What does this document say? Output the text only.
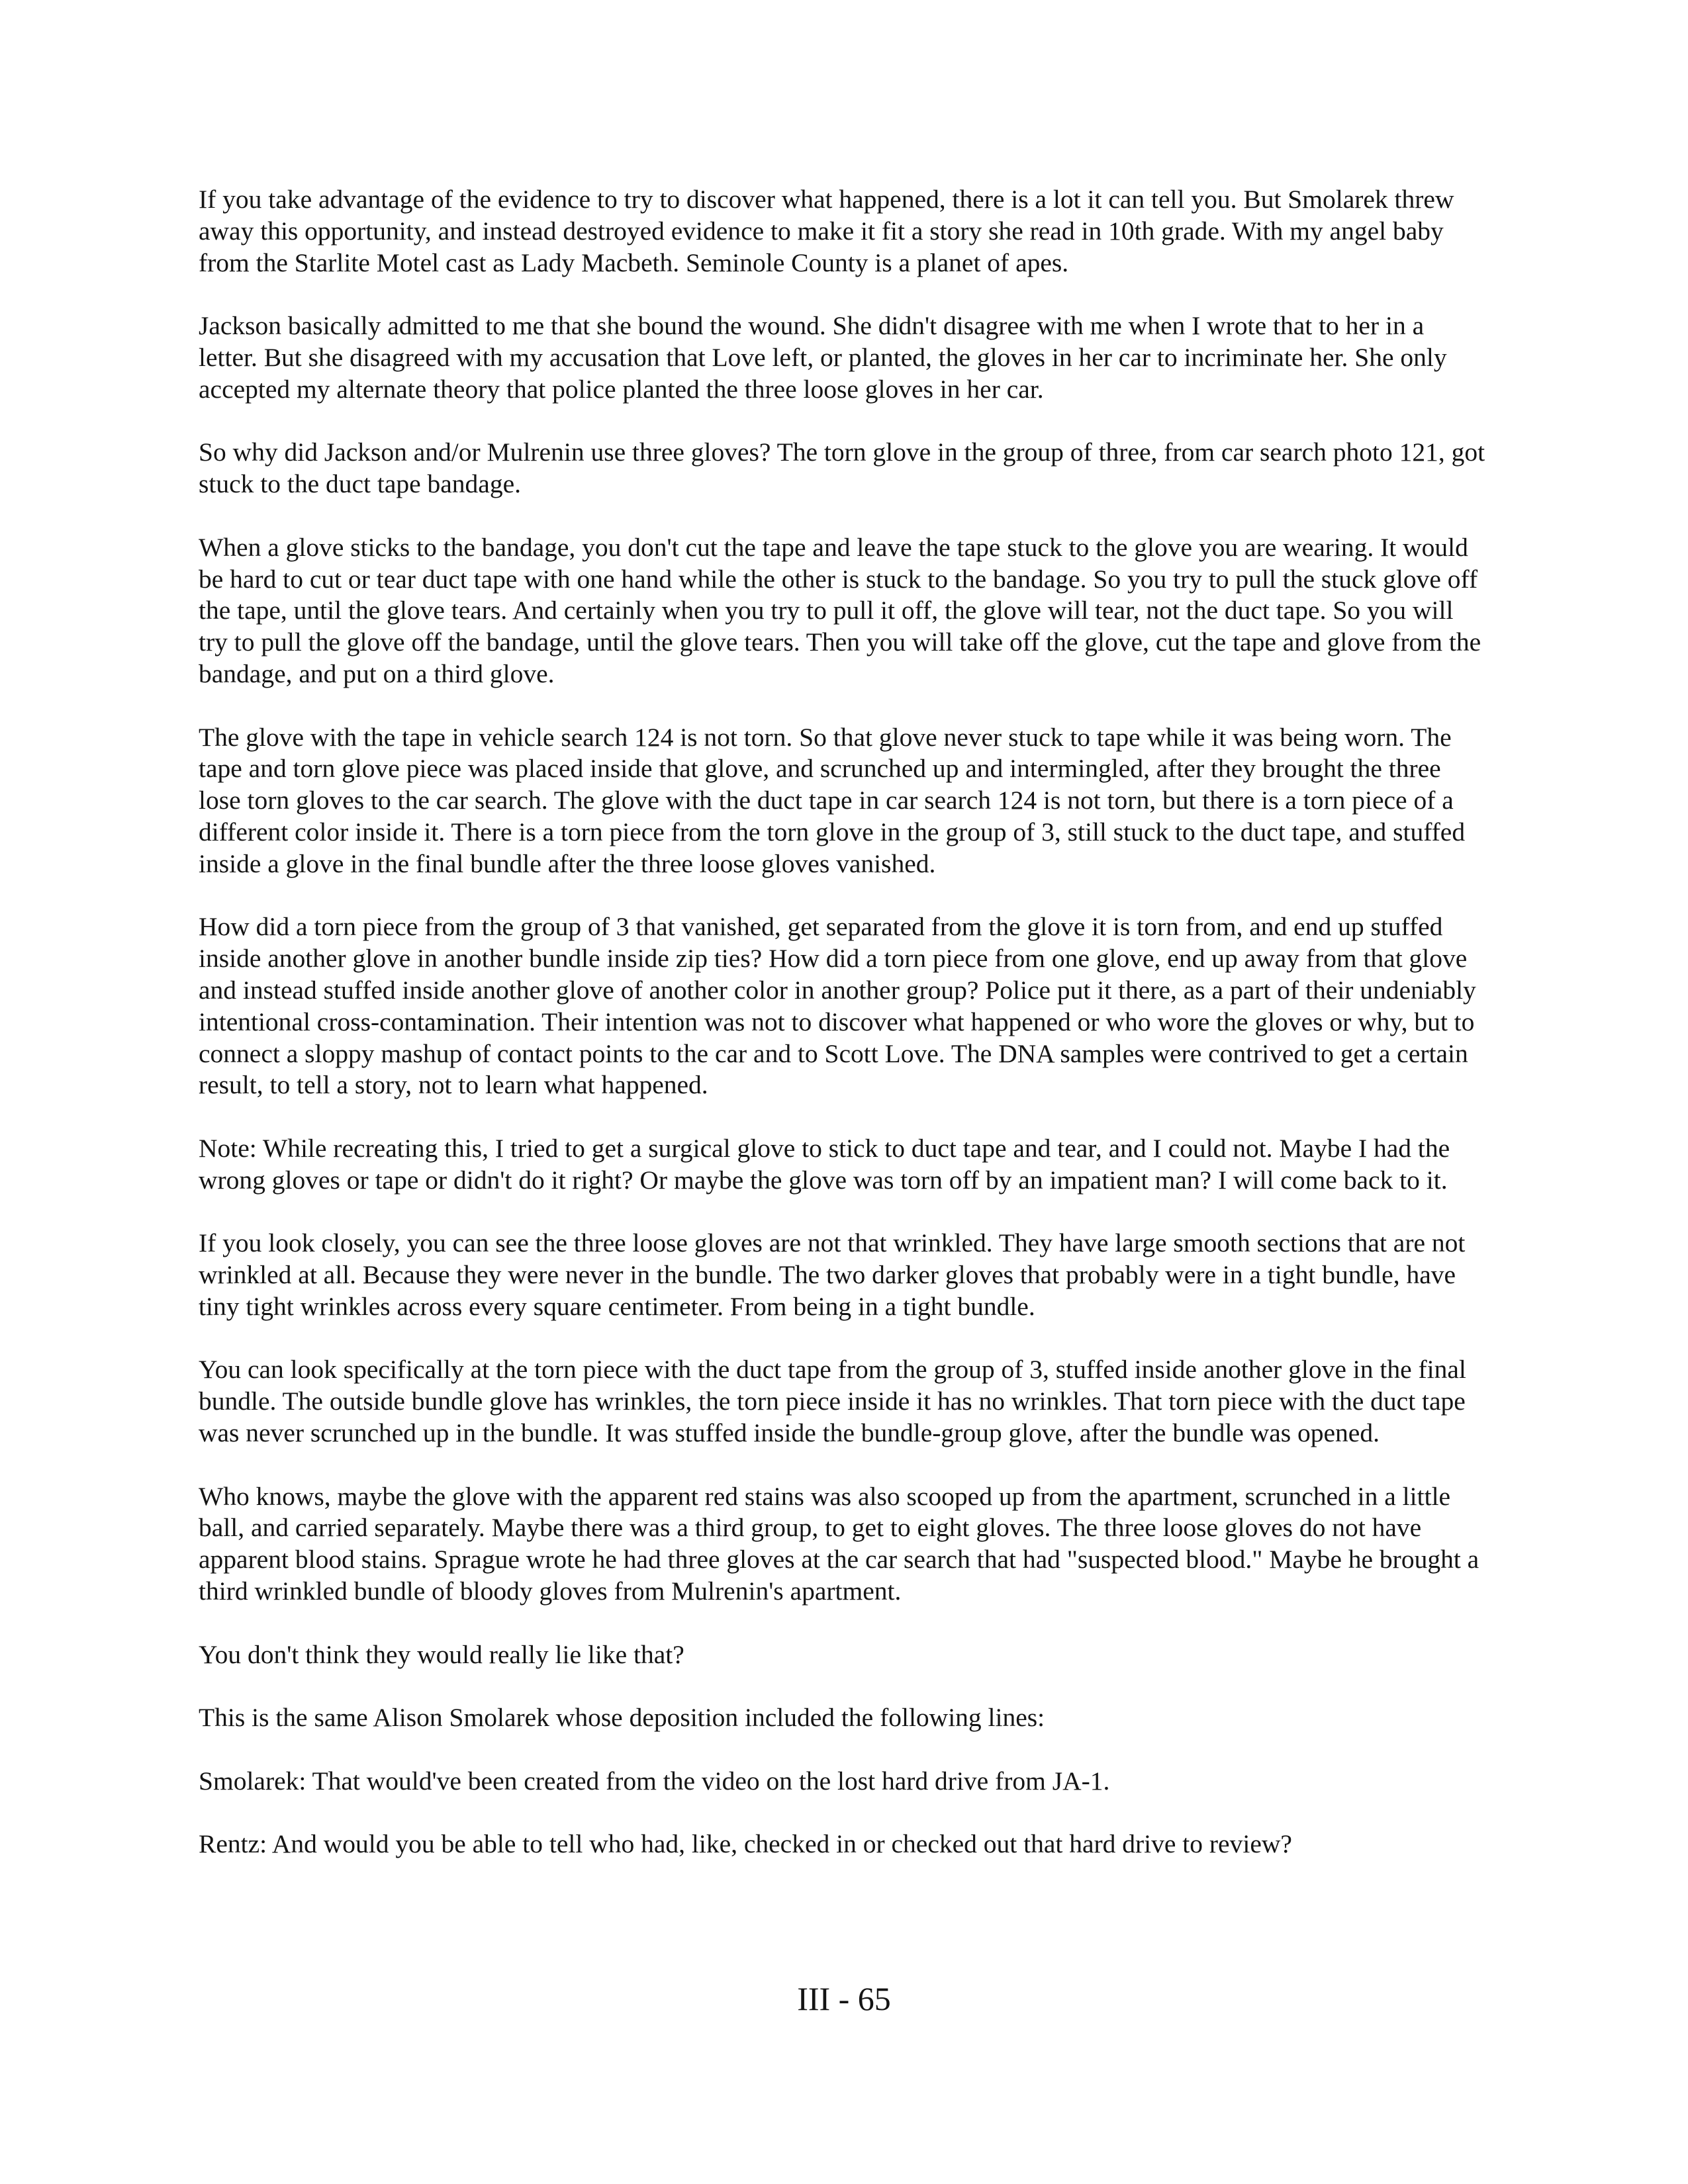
If you take advantage of the evidence to try to discover what happened, there is a lot it can tell you. But Smolarek threw away this opportunity, and instead destroyed evidence to make it fit a story she read in 10th grade. With my angel baby from the Starlite Motel cast as Lady Macbeth. Seminole County is a planet of apes.

Jackson basically admitted to me that she bound the wound. She didn't disagree with me when I wrote that to her in a letter. But she disagreed with my accusation that Love left, or planted, the gloves in her car to incriminate her. She only accepted my alternate theory that police planted the three loose gloves in her car.

So why did Jackson and/or Mulrenin use three gloves? The torn glove in the group of three, from car search photo 121, got stuck to the duct tape bandage.

When a glove sticks to the bandage, you don't cut the tape and leave the tape stuck to the glove you are wearing. It would be hard to cut or tear duct tape with one hand while the other is stuck to the bandage. So you try to pull the stuck glove off the tape, until the glove tears. And certainly when you try to pull it off, the glove will tear, not the duct tape. So you will try to pull the glove off the bandage, until the glove tears. Then you will take off the glove, cut the tape and glove from the bandage, and put on a third glove.

The glove with the tape in vehicle search 124 is not torn. So that glove never stuck to tape while it was being worn. The tape and torn glove piece was placed inside that glove, and scrunched up and intermingled, after they brought the three lose torn gloves to the car search. The glove with the duct tape in car search 124 is not torn, but there is a torn piece of a different color inside it. There is a torn piece from the torn glove in the group of 3, still stuck to the duct tape, and stuffed inside a glove in the final bundle after the three loose gloves vanished.

How did a torn piece from the group of 3 that vanished, get separated from the glove it is torn from, and end up stuffed inside another glove in another bundle inside zip ties? How did a torn piece from one glove, end up away from that glove and instead stuffed inside another glove of another color in another group? Police put it there, as a part of their undeniably intentional cross-contamination. Their intention was not to discover what happened or who wore the gloves or why, but to connect a sloppy mashup of contact points to the car and to Scott Love. The DNA samples were contrived to get a certain result, to tell a story, not to learn what happened.

Note: While recreating this, I tried to get a surgical glove to stick to duct tape and tear, and I could not. Maybe I had the wrong gloves or tape or didn't do it right? Or maybe the glove was torn off by an impatient man? I will come back to it.

If you look closely, you can see the three loose gloves are not that wrinkled. They have large smooth sections that are not wrinkled at all. Because they were never in the bundle. The two darker gloves that probably were in a tight bundle, have tiny tight wrinkles across every square centimeter. From being in a tight bundle.

You can look specifically at the torn piece with the duct tape from the group of 3, stuffed inside another glove in the final bundle. The outside bundle glove has wrinkles, the torn piece inside it has no wrinkles. That torn piece with the duct tape was never scrunched up in the bundle. It was stuffed inside the bundle-group glove, after the bundle was opened.

Who knows, maybe the glove with the apparent red stains was also scooped up from the apartment, scrunched in a little ball, and carried separately. Maybe there was a third group, to get to eight gloves. The three loose gloves do not have apparent blood stains. Sprague wrote he had three gloves at the car search that had "suspected blood." Maybe he brought a third wrinkled bundle of bloody gloves from Mulrenin's apartment.

You don't think they would really lie like that?

This is the same Alison Smolarek whose deposition included the following lines:

Smolarek: That would've been created from the video on the lost hard drive from JA-1.

Rentz: And would you be able to tell who had, like, checked in or checked out that hard drive to review?

III - 65
